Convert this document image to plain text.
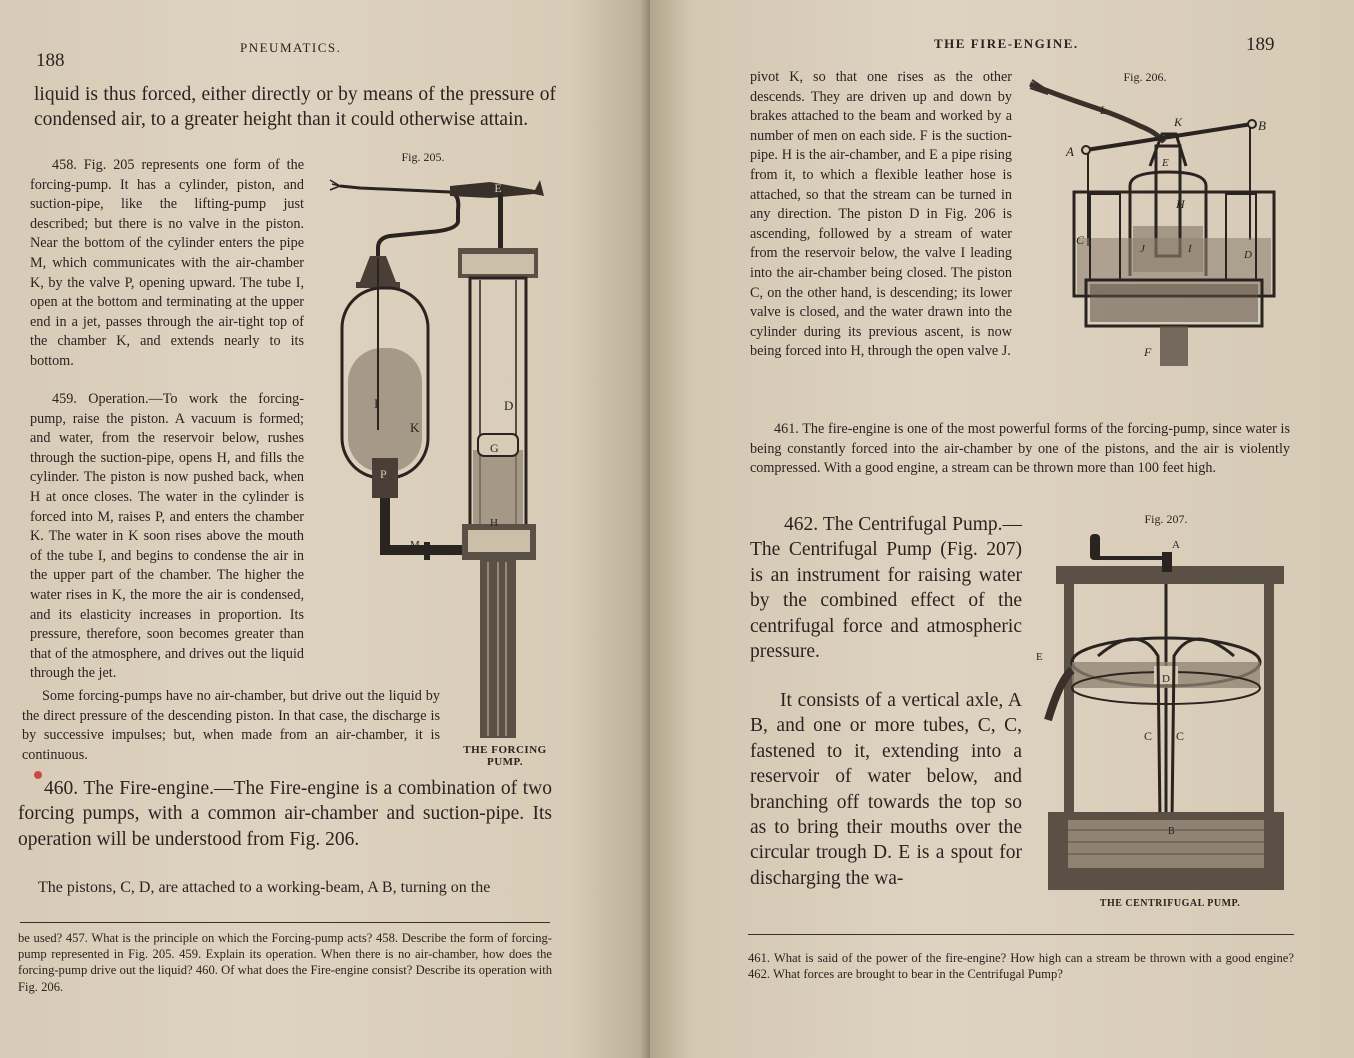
188
PNEUMATICS.
liquid is thus forced, either directly or by means of the pressure of condensed air, to a greater height than it could otherwise attain.
458. Fig. 205 represents one form of the forcing-pump. It has a cylinder, piston, and suction-pipe, like the lifting-pump just described; but there is no valve in the piston. Near the bottom of the cylinder enters the pipe M, which communicates with the air-chamber K, by the valve P, opening upward. The tube I, open at the bottom and terminating at the upper end in a jet, passes through the air-tight top of the chamber K, and extends nearly to its bottom.
459. Operation.—To work the forcing-pump, raise the piston. A vacuum is formed; and water, from the reservoir below, rushes through the suction-pipe, opens H, and fills the cylinder. The piston is now pushed back, when H at once closes. The water in the cylinder is forced into M, raises P, and enters the chamber K. The water in K soon rises above the mouth of the tube I, and begins to condense the air in the upper part of the chamber. The higher the water rises in K, the more the air is condensed, and its elasticity increases in proportion. Its pressure, therefore, soon becomes greater than that of the atmosphere, and drives out the liquid through the jet.
Some forcing-pumps have no air-chamber, but drive out the liquid by the direct pressure of the descending piston. In that case, the discharge is by successive impulses; but, when made from an air-chamber, it is continuous.
Fig. 205.
E
I
K
D
G
P
M
H
THE FORCING PUMP.
460. The Fire-engine.—The Fire-engine is a combination of two forcing pumps, with a common air-chamber and suction-pipe. Its operation will be understood from Fig. 206.
The pistons, C, D, are attached to a working-beam, A B, turning on the
be used? 457. What is the principle on which the Forcing-pump acts? 458. Describe the form of forcing-pump represented in Fig. 205. 459. Explain its operation. When there is no air-chamber, how does the forcing-pump drive out the liquid? 460. Of what does the Fire-engine consist? Describe its operation with Fig. 206.
THE FIRE-ENGINE.	189
pivot K, so that one rises as the other descends. They are driven up and down by brakes attached to the beam and worked by a number of men on each side. F is the suction-pipe. H is the air-chamber, and E a pipe rising from it, to which a flexible leather hose is attached, so that the stream can be turned in any direction. The piston D in Fig. 206 is ascending, followed by a stream of water from the reservoir below, the valve I leading into the air-chamber being closed. The piston C, on the other hand, is descending; its lower valve is closed, and the water drawn into the cylinder during its previous ascent, is now being forced into H, through the open valve J.
461. The fire-engine is one of the most powerful forms of the forcing-pump, since water is being constantly forced into the air-chamber by one of the pistons, and the air is violently compressed. With a good engine, a stream can be thrown more than 100 feet high.
Fig. 206.
L
K	B
A
E
H
C
J	I	D
F
462. The Centrifugal Pump.—The Centrifugal Pump (Fig. 207) is an instrument for raising water by the combined effect of the centrifugal force and atmospheric pressure.
It consists of a vertical axle, A B, and one or more tubes, C, C, fastened to it, extending into a reservoir of water below, and branching off towards the top so as to bring their mouths over the circular trough D. E is a spout for discharging the wa-
Fig. 207.
A
E
D
C C
B
THE CENTRIFUGAL PUMP.
461. What is said of the power of the fire-engine? How high can a stream be thrown with a good engine? 462. What forces are brought to bear in the Centrifugal Pump?
